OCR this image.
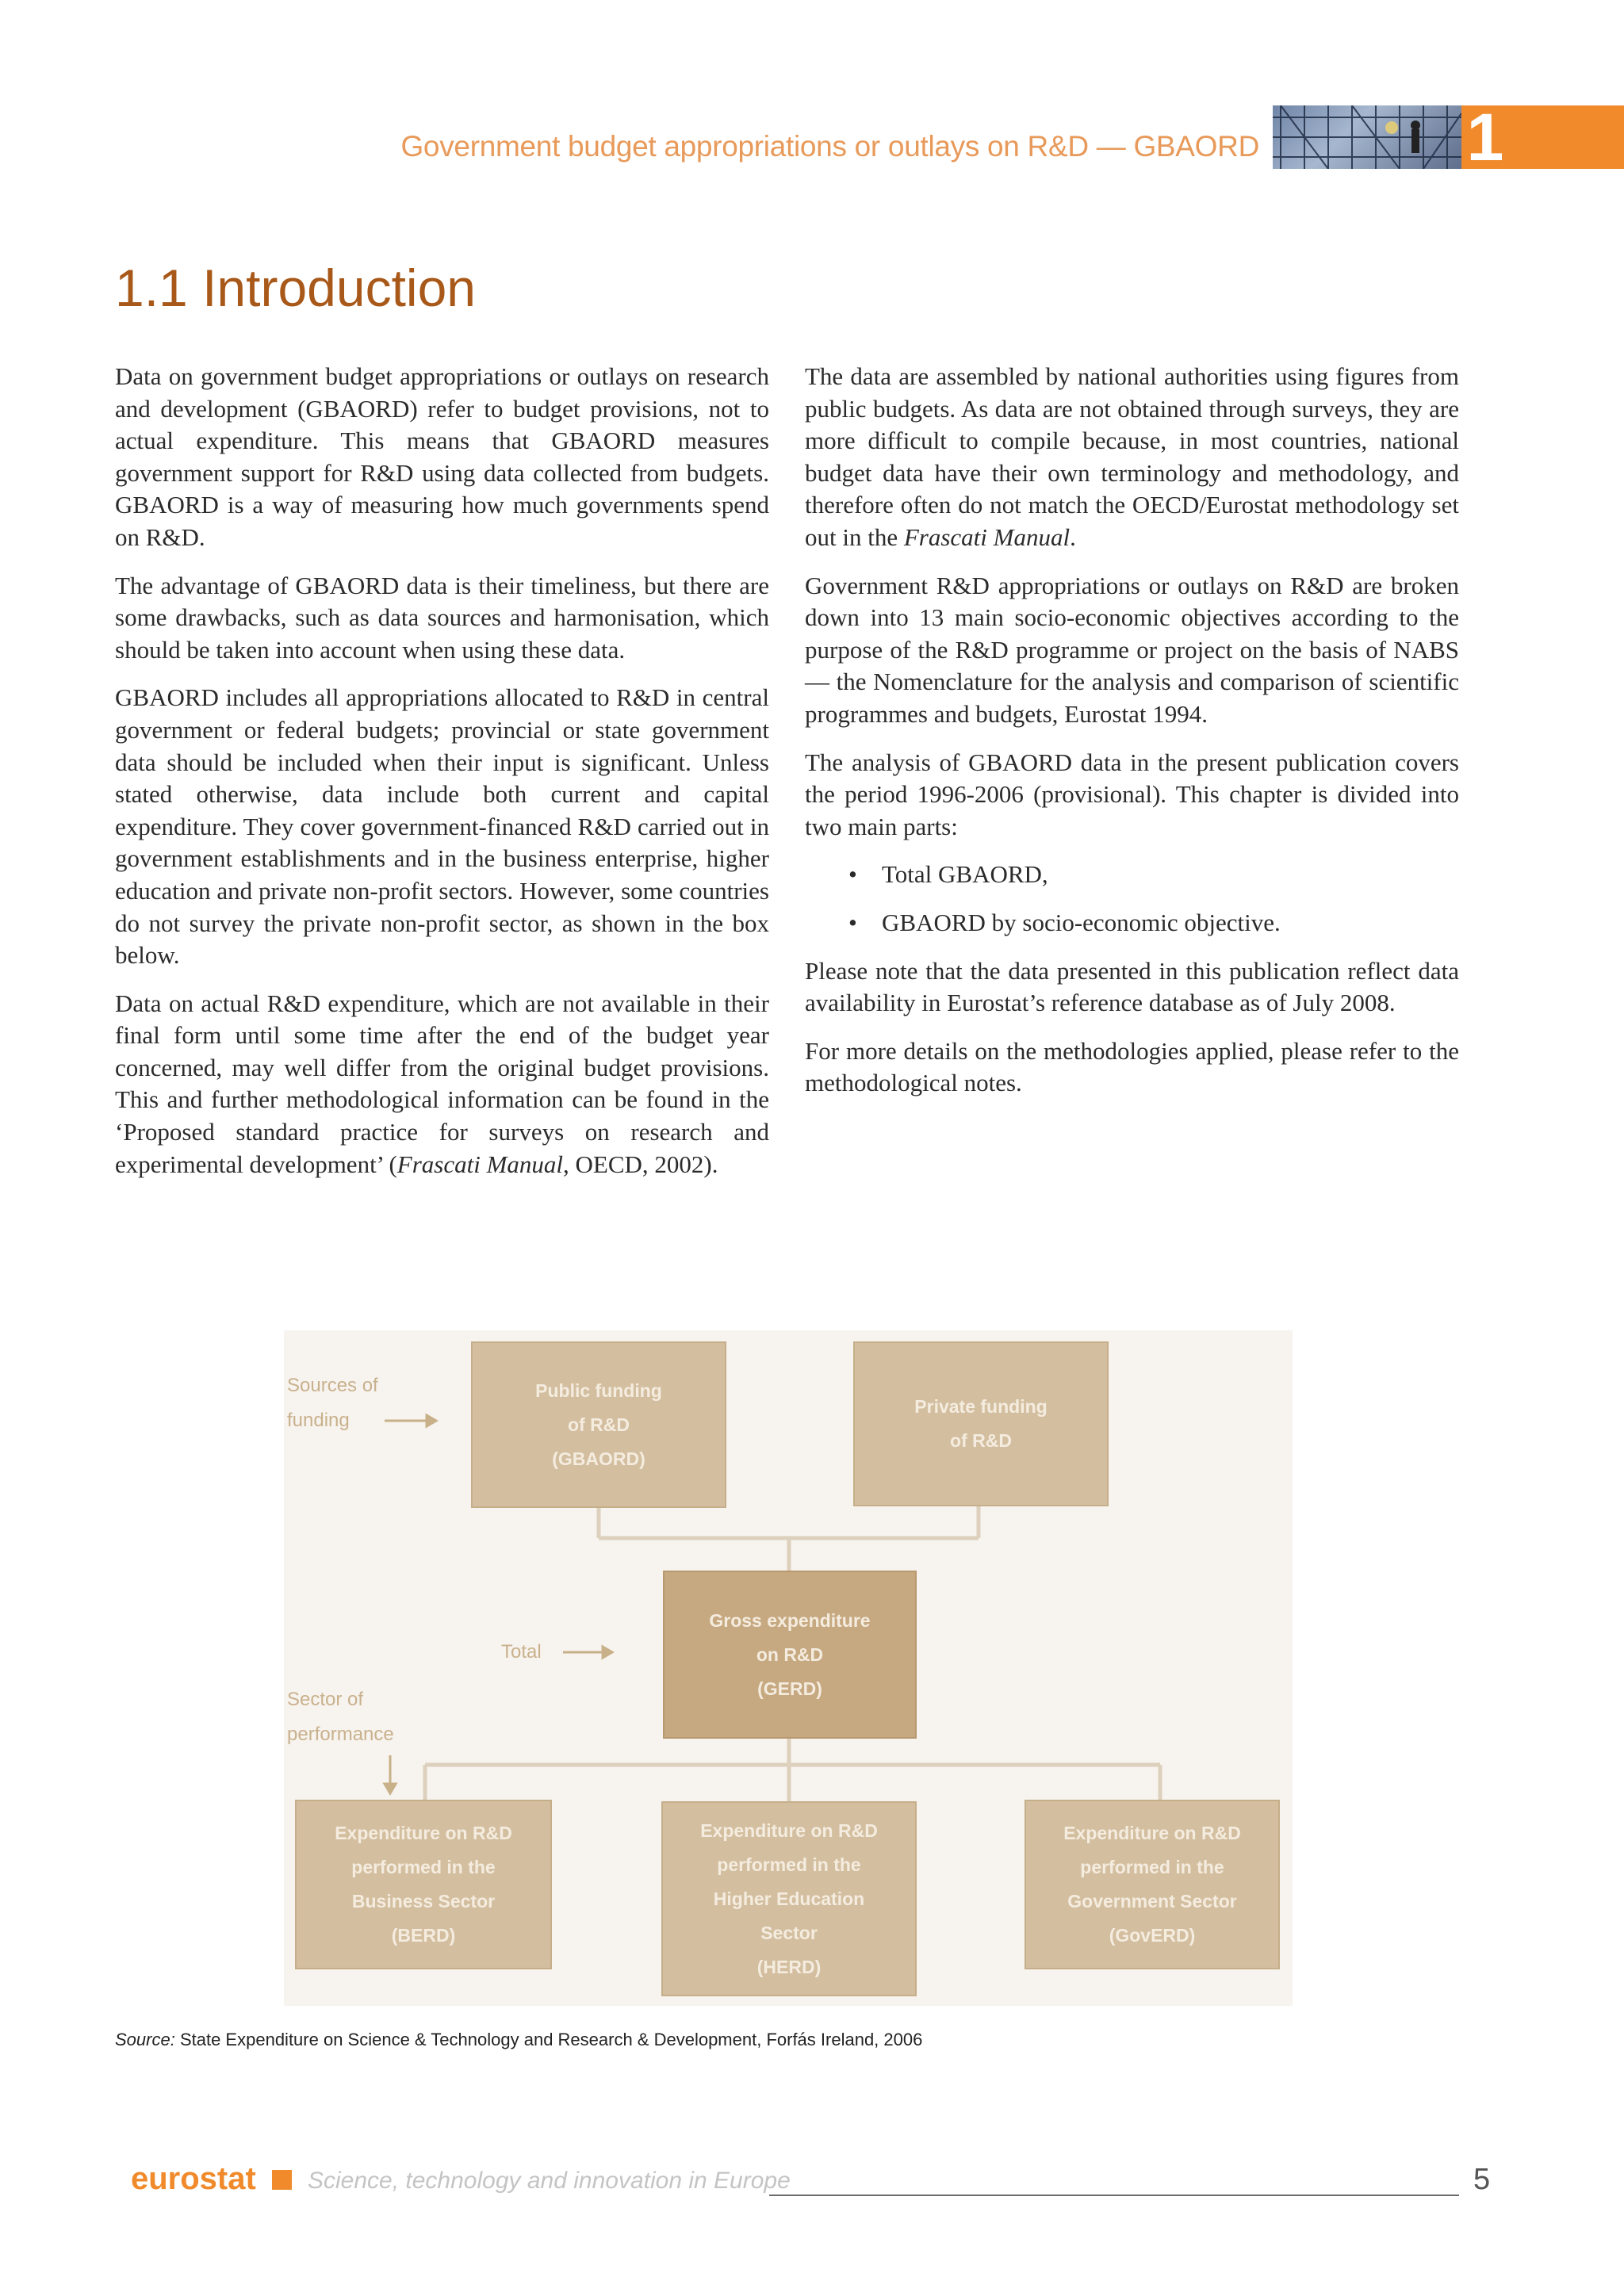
Government budget appropriations or outlays on R&D — GBAORD	1
1.1 Introduction

Data on government budget appropriations or outlays on research and development (GBAORD) refer to budget provisions, not to actual expenditure. This means that GBAORD measures government support for R&D using data collected from budgets. GBAORD is a way of measuring how much governments spend on R&D.

The advantage of GBAORD data is their timeliness, but there are some drawbacks, such as data sources and harmonisation, which should be taken into account when using these data.

GBAORD includes all appropriations allocated to R&D in central government or federal budgets; provincial or state government data should be included when their input is significant. Unless stated otherwise, data include both current and capital expenditure. They cover government-financed R&D carried out in government establishments and in the business enterprise, higher education and private non-profit sectors. However, some countries do not survey the private non-profit sector, as shown in the box below.

Data on actual R&D expenditure, which are not available in their final form until some time after the end of the budget year concerned, may well differ from the original budget provisions. This and further methodological information can be found in the ‘Proposed standard practice for surveys on research and experimental development’ (Frascati Manual, OECD, 2002).

The data are assembled by national authorities using figures from public budgets. As data are not obtained through surveys, they are more difficult to compile because, in most countries, national budget data have their own terminology and methodology, and therefore often do not match the OECD/Eurostat methodology set out in the Frascati Manual.

Government R&D appropriations or outlays on R&D are broken down into 13 main socio-economic objectives according to the purpose of the R&D programme or project on the basis of NABS — the Nomenclature for the analysis and comparison of scientific programmes and budgets, Eurostat 1994.

The analysis of GBAORD data in the present publication covers the period 1996-2006 (provisional). This chapter is divided into two main parts:

• Total GBAORD,
• GBAORD by socio-economic objective.

Please note that the data presented in this publication reflect data availability in Eurostat’s reference database as of July 2008.

For more details on the methodologies applied, please refer to the methodological notes.

Sources of
funding
Total
Sector of
performance
Public funding
of R&D
(GBAORD)
Private funding
of R&D
Gross expenditure
on R&D
(GERD)
Expenditure on R&D
performed in the
Business Sector
(BERD)
Expenditure on R&D
performed in the
Higher Education
Sector
(HERD)
Expenditure on R&D
performed in the
Government Sector
(GovERD)
Source: State Expenditure on Science & Technology and Research & Development, Forfás Ireland, 2006
eurostat Science, technology and innovation in Europe	5
